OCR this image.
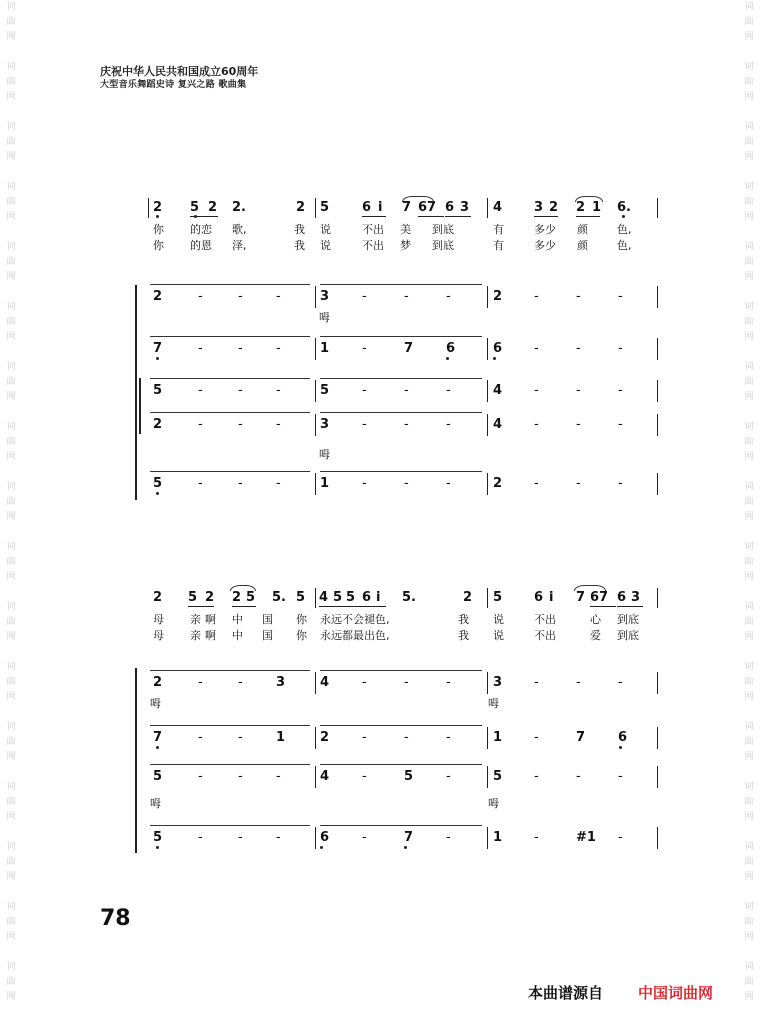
词
曲
网
词
曲
网
词
曲
网
词
曲
网
词
曲
网
词
曲
网
词
曲
网
词
曲
网
词
曲
网
词
曲
网
词
曲
网
词
曲
网
词
曲
网
词
曲
网
词
曲
网
词
曲
网
词
曲
网
词
曲
网
词
曲
网
词
曲
网
词
曲
网
词
曲
网
词
曲
网
词
曲
网
词
曲
网
词
曲
网
词
曲
网
词
曲
网
词
曲
网
词
曲
网
词
曲
网
词
曲
网
词
曲
网
词
曲
网
庆祝中华人民共和国成立60周年
大型音乐舞蹈史诗 复兴之路 歌曲集
2 5 2 2.	2 5	6 i 7 67 6 3 4 3 2 2 1 6.
你 的恋 歌,	我 说	不出 美 到底	有	多少 颜	色,
你 的恩 泽,	我 说	不出 梦 到底	有	多少 颜	色,
2	-	-	-	3	-	-	-	2 -	-	-
呣
7	-	-	-	1	-	7	6	6 -	-	-
5	-	-	-	5	-	-	-	4 -	-	-
2	-	-	-	3	-	-	-	4 -	-	-
呣
5	-	-	-	1	-	-	-	2 -	-	-
2 5 2 2 5 5. 5 4 5 5 6 i 5.	2 5 6 i 7 67 6 3
母 亲 啊 中 国 你 永远不会褪色,	我 说	不出	心 到底
母 亲 啊 中 国 你 永远都最出色,	我 说	不出	爱 到底
2	-	-	3	4	-	-	-	3 -	-	-
呣	呣
7	-	-	1	2	-	-	-	1 -	7	6
5	-	-	-	4	-	5	-	5 -	-	-
呣	呣
5	-	-	-	6	-	7	-	1 -	#1 -
78
本曲谱源自 中国词曲网
